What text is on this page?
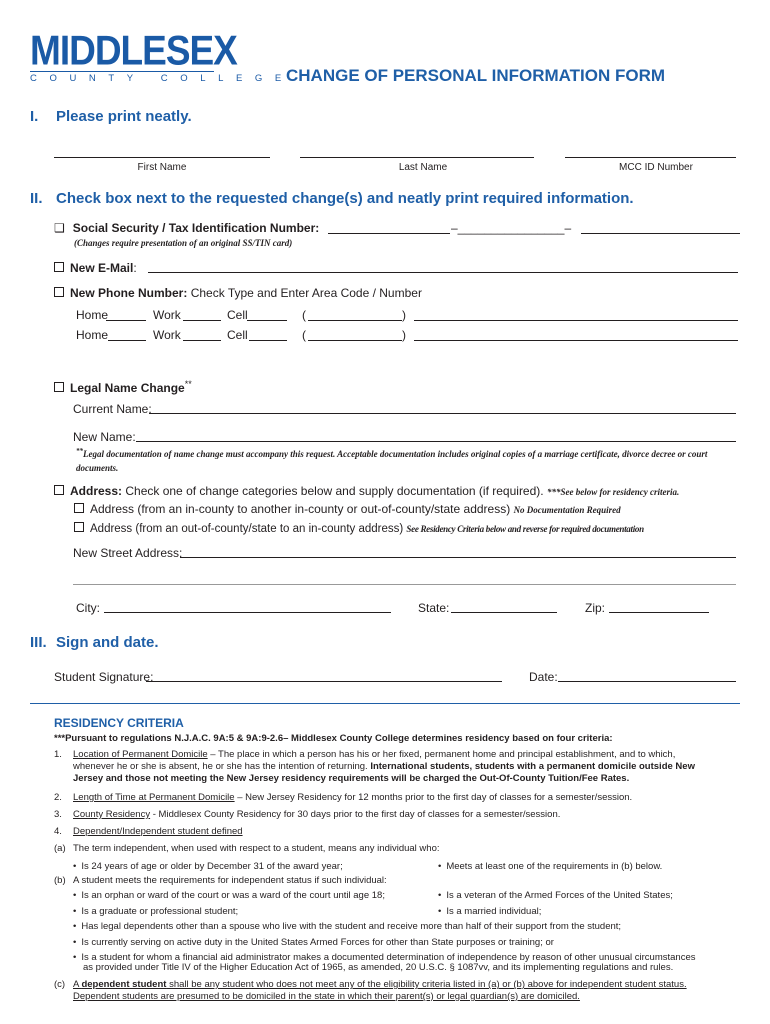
MIDDLESEX
COUNTY COLLEGE
CHANGE OF PERSONAL INFORMATION FORM
I. Please print neatly.
First Name	Last Name	MCC ID Number
II. Check box next to the requested change(s) and neatly print required information.
❑ Social Security / Tax Identification Number:	–________________–
(Changes require presentation of an original SS/TIN card)
New E-Mail:
New Phone Number: Check Type and Enter Area Code / Number
Home	Work	Cell	(	)
Home	Work	Cell	(	)
Legal Name Change**
Current Name:
New Name:
**Legal documentation of name change must accompany this request. Acceptable documentation includes original copies of a marriage certificate, divorce decree or court documents.
Address: Check one of change categories below and supply documentation (if required). ***See below for residency criteria.
Address (from an in-county to another in-county or out-of-county/state address) No Documentation Required
Address (from an out-of-county/state to an in-county address) See Residency Criteria below and reverse for required documentation
New Street Address:
City:	State:	Zip:
III. Sign and date.
Student Signature:	Date:
RESIDENCY CRITERIA
***Pursuant to regulations N.J.A.C. 9A:5 & 9A:9-2.6– Middlesex County College determines residency based on four criteria:
1. Location of Permanent Domicile – The place in which a person has his or her fixed, permanent home and principal establishment, and to which,
whenever he or she is absent, he or she has the intention of returning. International students, students with a permanent domicile outside New
Jersey and those not meeting the New Jersey residency requirements will be charged the Out-Of-County Tuition/Fee Rates.
2. Length of Time at Permanent Domicile – New Jersey Residency for 12 months prior to the first day of classes for a semester/session.
3. County Residency - Middlesex County Residency for 30 days prior to the first day of classes for a semester/session.
4. Dependent/Independent student defined
(a) The term independent, when used with respect to a student, means any individual who:
• Is 24 years of age or older by December 31 of the award year;	• Meets at least one of the requirements in (b) below.
(b) A student meets the requirements for independent status if such individual:
• Is an orphan or ward of the court or was a ward of the court until age 18;	• Is a veteran of the Armed Forces of the United States;
• Is a graduate or professional student;	• Is a married individual;
• Has legal dependents other than a spouse who live with the student and receive more than half of their support from the student;
• Is currently serving on active duty in the United States Armed Forces for other than State purposes or training; or
• Is a student for whom a financial aid administrator makes a documented determination of independence by reason of other unusual circumstances
as provided under Title IV of the Higher Education Act of 1965, as amended, 20 U.S.C. § 1087vv, and its implementing regulations and rules.
(c) A dependent student shall be any student who does not meet any of the eligibility criteria listed in (a) or (b) above for independent student status.
Dependent students are presumed to be domiciled in the state in which their parent(s) or legal guardian(s) are domiciled.
